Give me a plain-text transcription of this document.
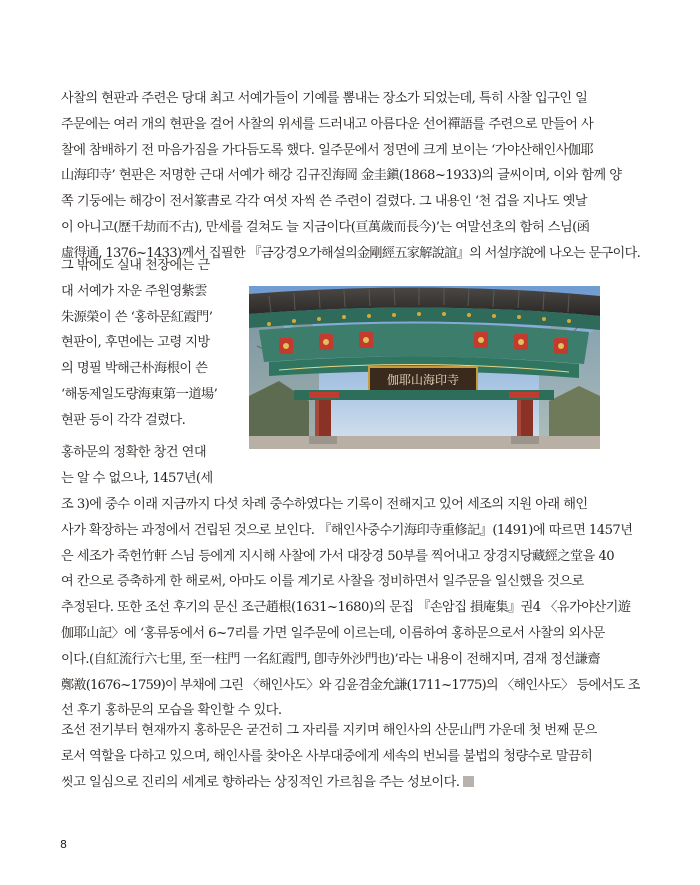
사찰의 현판과 주련은 당대 최고 서예가들이 기예를 뽐내는 장소가 되었는데, 특히 사찰 입구인 일
주문에는 여러 개의 현판을 걸어 사찰의 위세를 드러내고 아름다운 선어禪語를 주련으로 만들어 사
찰에 참배하기 전 마음가짐을 가다듬도록 했다. 일주문에서 정면에 크게 보이는 ‘가야산해인사伽耶
山海印寺’ 현판은 저명한 근대 서예가 해강 김규진海岡 金圭鎭(1868~1933)의 글씨이며, 이와 함께 양
쪽 기둥에는 해강이 전서篆書로 각각 여섯 자씩 쓴 주련이 걸렸다. 그 내용인 ‘천 겁을 지나도 옛날
이 아니고(歷千劫而不古), 만세를 걸쳐도 늘 지금이다(亘萬歲而長今)’는 여말선초의 함허 스님(函
虛得通, 1376~1433)께서 집필한 『금강경오가해설의金剛經五家解說誼』의 서설序說에 나오는 문구이다.
그 밖에도 실내 천장에는 근
대 서예가 자운 주원영紫雲
朱源榮이 쓴 ‘홍하문紅霞門’
현판이, 후면에는 고령 지방
의 명필 박해근朴海根이 쓴
‘해동제일도량海東第一道場’
현판 등이 각각 걸렸다.
홍하문의 정확한 창건 연대
는 알 수 없으나, 1457년(세
조 3)에 중수 이래 지금까지 다섯 차례 중수하였다는 기록이 전해지고 있어 세조의 지원 아래 해인
사가 확장하는 과정에서 건립된 것으로 보인다. 『해인사중수기海印寺重修記』(1491)에 따르면 1457년
은 세조가 죽헌竹軒 스님 등에게 지시해 사찰에 가서 대장경 50부를 찍어내고 장경지당藏經之堂을 40
여 칸으로 증축하게 한 해로써, 아마도 이를 계기로 사찰을 정비하면서 일주문을 일신했을 것으로
추정된다. 또한 조선 후기의 문신 조근趙根(1631~1680)의 문집 『손암집 損庵集』권4 〈유가야산기遊
伽耶山記〉에 ‘홍류동에서 6~7리를 가면 일주문에 이르는데, 이름하여 홍하문으로서 사찰의 외사문
이다.(自紅流行六七里, 至一柱門 一名紅霞門, 卽寺外沙門也)’라는 내용이 전해지며, 겸재 정선謙齋
鄭敾(1676~1759)이 부채에 그린 〈해인사도〉와 김윤겸金允謙(1711~1775)의 〈해인사도〉 등에서도 조
선 후기 홍하문의 모습을 확인할 수 있다.
조선 전기부터 현재까지 홍하문은 굳건히 그 자리를 지키며 해인사의 산문山門 가운데 첫 번째 문으
로서 역할을 다하고 있으며, 해인사를 찾아온 사부대중에게 세속의 번뇌를 불법의 청량수로 말끔히
씻고 일심으로 진리의 세계로 향하라는 상징적인 가르침을 주는 성보이다.
伽耶山海印寺
8
